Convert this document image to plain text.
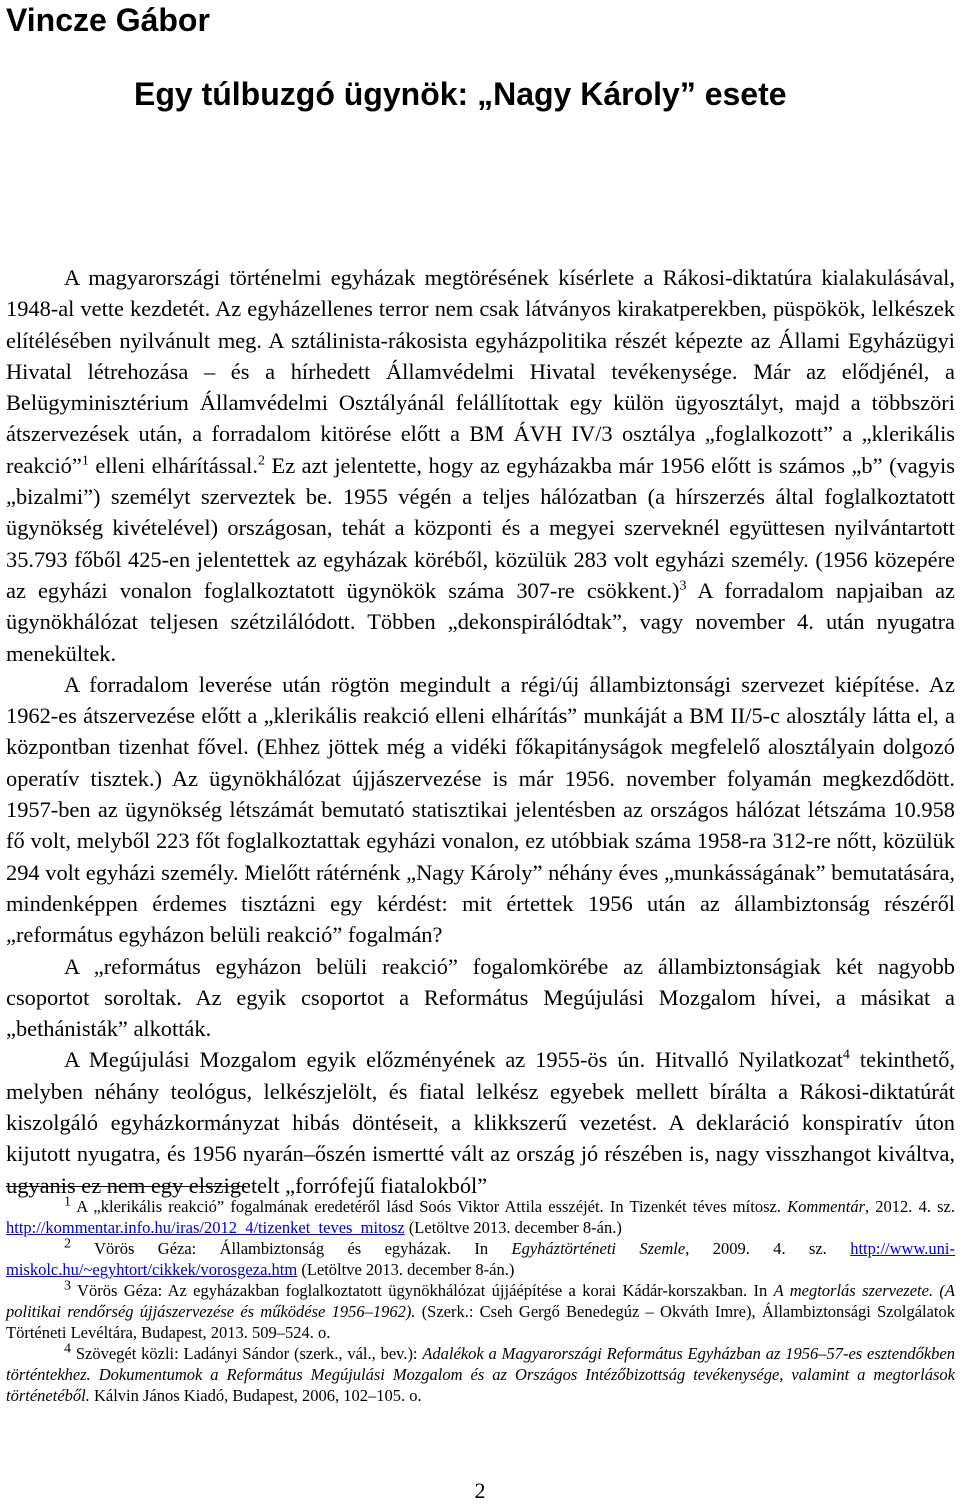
Vincze Gábor
Egy túlbuzgó ügynök: „Nagy Károly” esete

A magyarországi történelmi egyházak megtörésének kísérlete a Rákosi-diktatúra kialakulásával, 1948-al vette kezdetét. Az egyházellenes terror nem csak látványos kirakatperekben, püspökök, lelkészek elítélésében nyilvánult meg. A sztálinista-rákosista egyházpolitika részét képezte az Állami Egyházügyi Hivatal létrehozása – és a hírhedett Államvédelmi Hivatal tevékenysége. Már az elődjénél, a Belügyminisztérium Államvédelmi Osztályánál felállítottak egy külön ügyosztályt, majd a többszöri átszervezések után, a forradalom kitörése előtt a BM ÁVH IV/3 osztálya „foglalkozott” a „klerikális reakció”$^1$ elleni elhárítással.$^2$ Ez azt jelentette, hogy az egyházakba már 1956 előtt is számos „b” (vagyis „bizalmi”) személyt szerveztek be. 1955 végén a teljes hálózatban (a hírszerzés által foglalkoztatott ügynökség kivételével) országosan, tehát a központi és a megyei szerveknél együttesen nyilvántartott 35.793 főből 425-en jelentettek az egyházak köréből, közülük 283 volt egyházi személy. (1956 közepére az egyházi vonalon foglalkoztatott ügynökök száma 307-re csökkent.)$^3$ A forradalom napjaiban az ügynökhálózat teljesen szétzilálódott. Többen „dekonspirálódtak”, vagy november 4. után nyugatra menekültek.

A forradalom leverése után rögtön megindult a régi/új állambiztonsági szervezet kiépítése. Az 1962-es átszervezése előtt a „klerikális reakció elleni elhárítás” munkáját a BM II/5-c alosztály látta el, a központban tizenhat fővel. (Ehhez jöttek még a vidéki főkapitányságok megfelelő alosztályain dolgozó operatív tisztek.) Az ügynökhálózat újjászervezése is már 1956. november folyamán megkezdődött. 1957-ben az ügynökség létszámát bemutató statisztikai jelentésben az országos hálózat létszáma 10.958 fő volt, melyből 223 főt foglalkoztattak egyházi vonalon, ez utóbbiak száma 1958-ra 312-re nőtt, közülük 294 volt egyházi személy. Mielőtt rátérnénk „Nagy Károly” néhány éves „munkásságának” bemutatására, mindenképpen érdemes tisztázni egy kérdést: mit értettek 1956 után az állambiztonság részéről „református egyházon belüli reakció” fogalmán?

A „református egyházon belüli reakció” fogalomkörébe az állambiztonságiak két nagyobb csoportot soroltak. Az egyik csoportot a Református Megújulási Mozgalom hívei, a másikat a „bethánisták” alkották.

A Megújulási Mozgalom egyik előzményének az 1955-ös ún. Hitvalló Nyilatkozat$^4$ tekinthető, melyben néhány teológus, lelkészjelölt, és fiatal lelkész egyebek mellett bírálta a Rákosi-diktatúrát kiszolgáló egyházkormányzat hibás döntéseit, a klikkszerű vezetést. A deklaráció konspiratív úton kijutott nyugatra, és 1956 nyarán–őszén ismertté vált az ország jó részében is, nagy visszhangot kiváltva, ugyanis ez nem egy elszigetelt „forrófejű fiatalokból”

$^1$ A „klerikális reakció” fogalmának eredetéről lásd Soós Viktor Attila esszéjét. In Tizenkét téves mítosz. Kommentár, 2012. 4. sz. http://kommentar.info.hu/iras/2012_4/tizenket_teves_mitosz (Letöltve 2013. december 8-án.)

$^2$ Vörös Géza: Állambiztonság és egyházak. In Egyháztörténeti Szemle, 2009. 4. sz. http://www.uni-miskolc.hu/~egyhtort/cikkek/vorosgeza.htm (Letöltve 2013. december 8-án.)

$^3$ Vörös Géza: Az egyházakban foglalkoztatott ügynökhálózat újjáépítése a korai Kádár-korszakban. In A megtorlás szervezete. (A politikai rendőrség újjászervezése és működése 1956–1962). (Szerk.: Cseh Gergő Benedegúz – Okváth Imre), Állambiztonsági Szolgálatok Történeti Levéltára, Budapest, 2013. 509–524. o.

$^4$ Szövegét közli: Ladányi Sándor (szerk., vál., bev.): Adalékok a Magyarországi Református Egyházban az 1956–57-es esztendőkben történtekhez. Dokumentumok a Református Megújulási Mozgalom és az Országos Intézőbizottság tevékenysége, valamint a megtorlások történetéből. Kálvin János Kiadó, Budapest, 2006, 102–105. o.

2
